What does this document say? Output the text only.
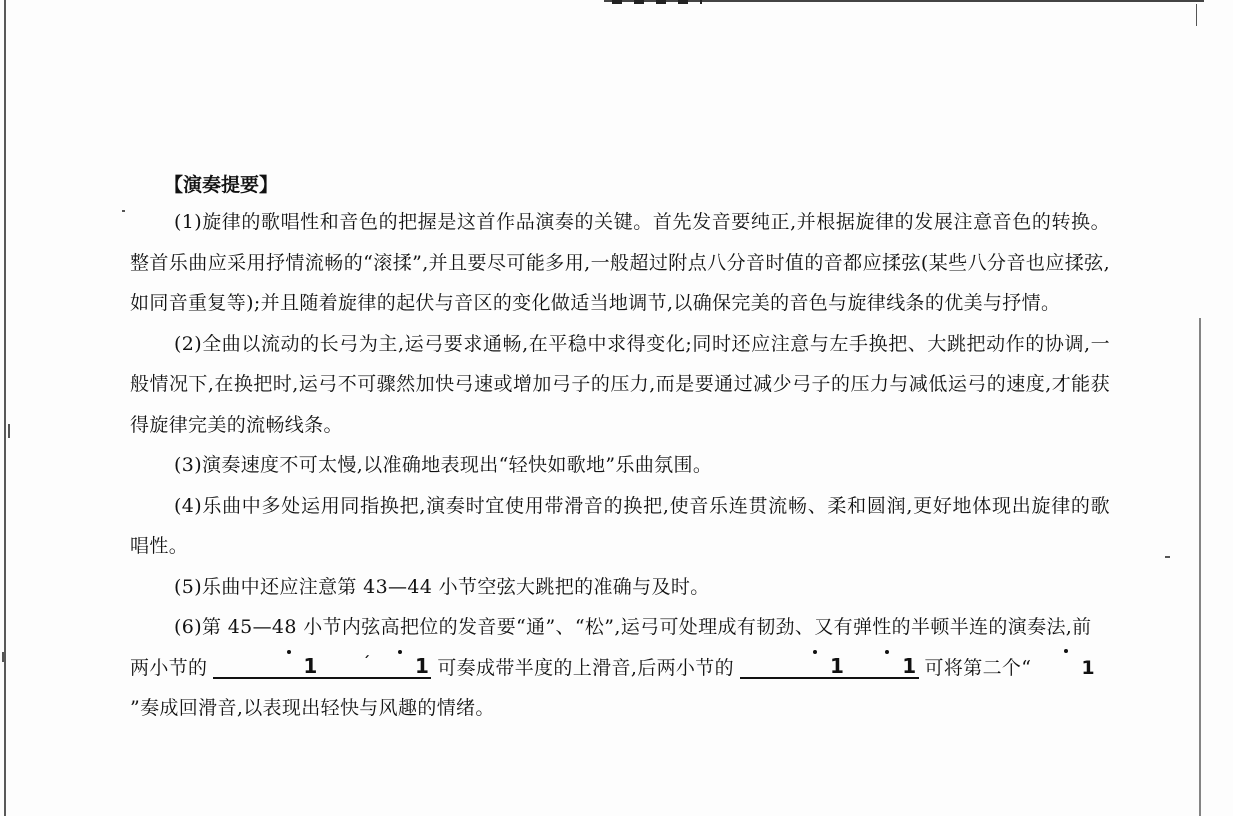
【演奏提要】

(1)旋律的歌唱性和音色的把握是这首作品演奏的关键。首先发音要纯正,并根据旋律的发展注意音色的转换。整首乐曲应采用抒情流畅的“滚揉”,并且要尽可能多用,一般超过附点八分音时值的音都应揉弦(某些八分音也应揉弦,如同音重复等);并且随着旋律的起伏与音区的变化做适当地调节,以确保完美的音色与旋律线条的优美与抒情。

(2)全曲以流动的长弓为主,运弓要求通畅,在平稳中求得变化;同时还应注意与左手换把、大跳把动作的协调,一般情况下,在换把时,运弓不可骤然加快弓速或增加弓子的压力,而是要通过减少弓子的压力与减低运弓的速度,才能获得旋律完美的流畅线条。

(3)演奏速度不可太慢,以准确地表现出“轻快如歌地”乐曲氛围。

(4)乐曲中多处运用同指换把,演奏时宜使用带滑音的换把,使音乐连贯流畅、柔和圆润,更好地体现出旋律的歌唱性。

(5)乐曲中还应注意第 43—44 小节空弦大跳把的准确与及时。

(6)第 45—48 小节内弦高把位的发音要“通”、“松”,运弓可处理成有韧劲、又有弹性的半顿半连的演奏法,前两小节的	1	ˊ 1 可奏成带半度的上滑音,后两小节的	1	1 可将第二个“	1”奏成回滑音,以表现出轻快与风趣的情绪。
